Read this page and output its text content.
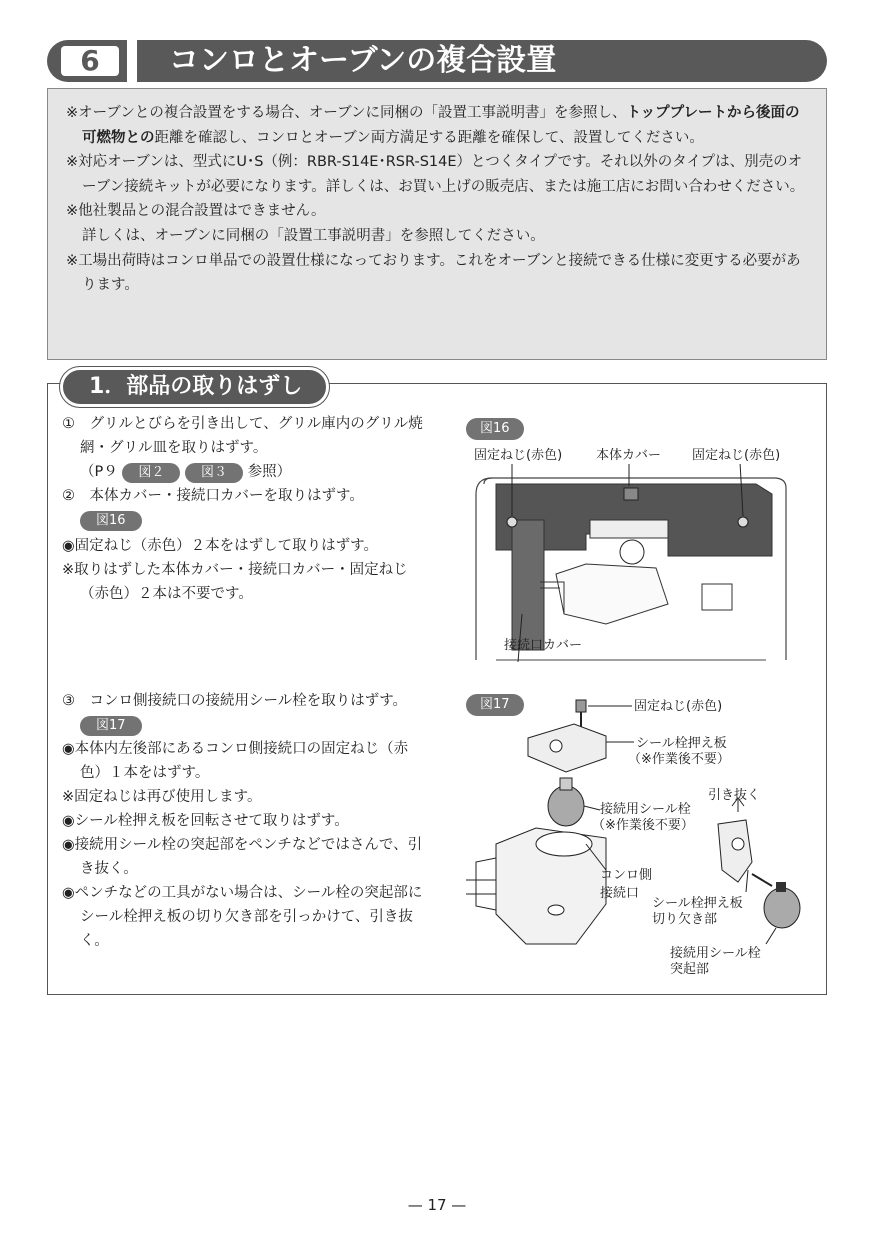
6	コンロとオーブンの複合設置

※オーブンとの複合設置をする場合、オーブンに同梱の「設置工事説明書」を参照し、トッププレートから後面の可燃物との距離を確認し、コンロとオーブン両方満足する距離を確保して、設置してください。

※対応オーブンは、型式にU･S（例：RBR-S14E･RSR-S14E）とつくタイプです。それ以外のタイプは、別売のオーブン接続キットが必要になります。詳しくは、お買い上げの販売店、または施工店にお問い合わせください。

※他社製品との混合設置はできません。

詳しくは、オーブンに同梱の「設置工事説明書」を参照してください。

※工場出荷時はコンロ単品での設置仕様になっております。これをオーブンと接続できる仕様に変更する必要があります。

1．部品の取りはずし

①　グリルとびらを引き出して、グリル庫内のグリル焼網・グリル皿を取りはずす。

（P９ 図２	図３ 参照）

②　本体カバー・接続口カバーを取りはずす。

図16

◉固定ねじ（赤色）２本をはずして取りはずす。

※取りはずした本体カバー・接続口カバー・固定ねじ（赤色）２本は不要です。

図16
固定ねじ(赤色)	本体カバー 固定ねじ(赤色)
接続口カバー

③　コンロ側接続口の接続用シール栓を取りはずす。　図17

◉本体内左後部にあるコンロ側接続口の固定ねじ（赤色）１本をはずす。

※固定ねじは再び使用します。

◉シール栓押え板を回転させて取りはずす。

◉接続用シール栓の突起部をペンチなどではさんで、引き抜く。

◉ペンチなどの工具がない場合は、シール栓の突起部にシール栓押え板の切り欠き部を引っかけて、引き抜く。

図17	固定ねじ(赤色)
シール栓押え板
（※作業後不要）
引き抜く
接続用シール栓
（※作業後不要）
コンロ側
接続口
シール栓押え板
切り欠き部
接続用シール栓
突起部
— 17 —
